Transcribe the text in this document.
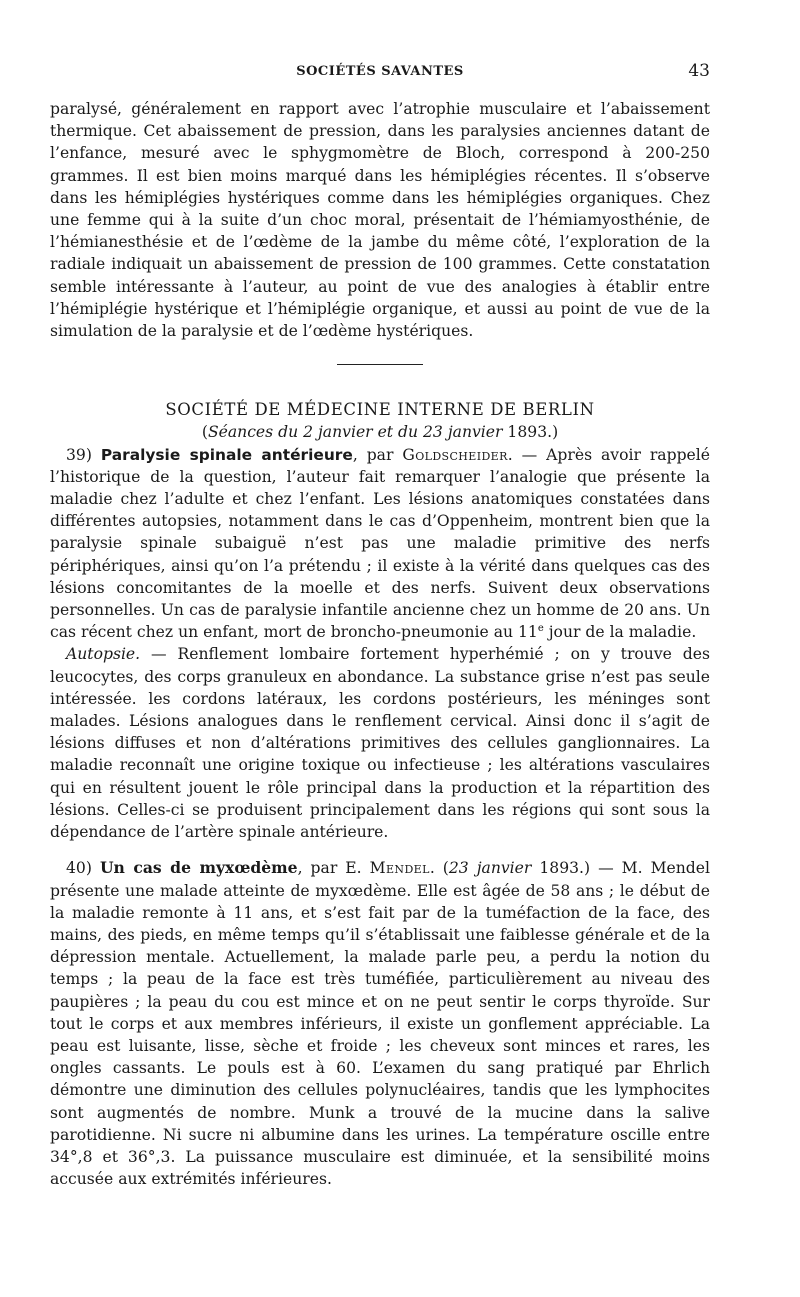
SOCIÉTÉS SAVANTES	43

paralysé, généralement en rapport avec l’atrophie musculaire et l’abaissement thermique. Cet abaissement de pression, dans les paralysies anciennes datant de l’enfance, mesuré avec le sphygmomètre de Bloch, correspond à 200-250 grammes. Il est bien moins marqué dans les hémiplégies récentes. Il s’observe dans les hémiplégies hystériques comme dans les hémiplégies organiques. Chez une femme qui à la suite d’un choc moral, présentait de l’hémiamyosthénie, de l’hémianesthésie et de l’œdème de la jambe du même côté, l’exploration de la radiale indiquait un abaissement de pression de 100 grammes. Cette constatation semble intéressante à l’auteur, au point de vue des analogies à établir entre l’hémiplégie hystérique et l’hémiplégie organique, et aussi au point de vue de la simulation de la paralysie et de l’œdème hystériques.

SOCIÉTÉ DE MÉDECINE INTERNE DE BERLIN

(Séances du 2 janvier et du 23 janvier 1893.)

39) Paralysie spinale antérieure, par Goldscheider. — Après avoir rappelé l’historique de la question, l’auteur fait remarquer l’analogie que présente la maladie chez l’adulte et chez l’enfant. Les lésions anatomiques constatées dans différentes autopsies, notamment dans le cas d’Oppenheim, montrent bien que la paralysie spinale subaiguë n’est pas une maladie primitive des nerfs périphériques, ainsi qu’on l’a prétendu ; il existe à la vérité dans quelques cas des lésions concomitantes de la moelle et des nerfs. Suivent deux observations personnelles. Un cas de paralysie infantile ancienne chez un homme de 20 ans. Un cas récent chez un enfant, mort de broncho-pneumonie au 11e jour de la maladie.

Autopsie. — Renflement lombaire fortement hyperhémié ; on y trouve des leucocytes, des corps granuleux en abondance. La substance grise n’est pas seule intéressée. les cordons latéraux, les cordons postérieurs, les méninges sont malades. Lésions analogues dans le renflement cervical. Ainsi donc il s’agit de lésions diffuses et non d’altérations primitives des cellules ganglionnaires. La maladie reconnaît une origine toxique ou infectieuse ; les altérations vasculaires qui en résultent jouent le rôle principal dans la production et la répartition des lésions. Celles-ci se produisent principalement dans les régions qui sont sous la dépendance de l’artère spinale antérieure.

40) Un cas de myxœdème, par E. Mendel. (23 janvier 1893.) — M. Mendel présente une malade atteinte de myxœdème. Elle est âgée de 58 ans ; le début de la maladie remonte à 11 ans, et s’est fait par de la tuméfaction de la face, des mains, des pieds, en même temps qu’il s’établissait une faiblesse générale et de la dépression mentale. Actuellement, la malade parle peu, a perdu la notion du temps ; la peau de la face est très tuméfiée, particulièrement au niveau des paupières ; la peau du cou est mince et on ne peut sentir le corps thyroïde. Sur tout le corps et aux membres inférieurs, il existe un gonflement appréciable. La peau est luisante, lisse, sèche et froide ; les cheveux sont minces et rares, les ongles cassants. Le pouls est à 60. L’examen du sang pratiqué par Ehrlich démontre une diminution des cellules polynucléaires, tandis que les lymphocites sont augmentés de nombre. Munk a trouvé de la mucine dans la salive parotidienne. Ni sucre ni albumine dans les urines. La température oscille entre 34°,8 et 36°,3. La puissance musculaire est diminuée, et la sensibilité moins accusée aux extrémités inférieures.
